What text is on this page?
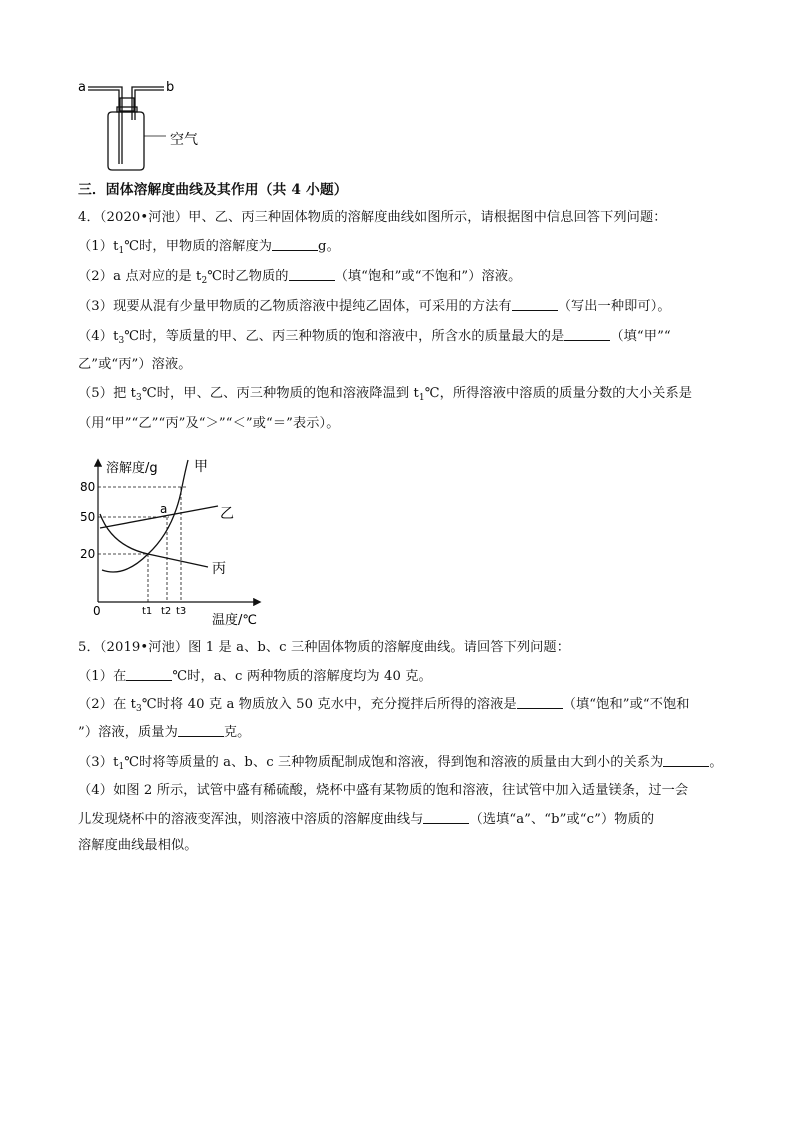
a	b
空气
三．固体溶解度曲线及其作用（共 4 小题）
4．（2020•河池）甲、乙、丙三种固体物质的溶解度曲线如图所示，请根据图中信息回答下列问题：
$(1)t_1℃$时，甲物质的溶解度为	g。
（2）a 点对应的是 $t_2℃$时乙物质的	（填“饱和”或“不饱和”）溶液。
（3）现要从混有少量甲物质的乙物质溶液中提纯乙固体，可采用的方法有	（写出一种即可）。
$(4)t_3℃$时，等质量的甲、乙、丙三种物质的饱和溶液中，所含水的质量最大的是	（填“甲”“
乙”或“丙”）溶液。
（5）把 $t_3℃$时，甲、乙、丙三种物质的饱和溶液降温到 $t_1℃$，所得溶液中溶质的质量分数的大小关系是
（用“甲”“乙”“丙”及“＞”“＜”或“＝”表示）。
溶解度/g
温度/℃
0
80
50
20
t1 t2 t3
a
甲
乙
丙
5．（2019•河池）图 1 是 a、b、c 三种固体物质的溶解度曲线。请回答下列问题：
（1）在	℃时，a、c 两种物质的溶解度均为 40 克。
（2）在 $t_3℃$时将 40 克 a 物质放入 50 克水中，充分搅拌后所得的溶液是	（填“饱和”或“不饱和
”）溶液，质量为	克。
$(3)t_1℃$时将等质量的 a、b、c 三种物质配制成饱和溶液，得到饱和溶液的质量由大到小的关系为	。
（4）如图 2 所示，试管中盛有稀硫酸，烧杯中盛有某物质的饱和溶液，往试管中加入适量镁条，过一会
儿发现烧杯中的溶液变浑浊，则溶液中溶质的溶解度曲线与	（选填“a”、“b”或“c”）物质的
溶解度曲线最相似。
